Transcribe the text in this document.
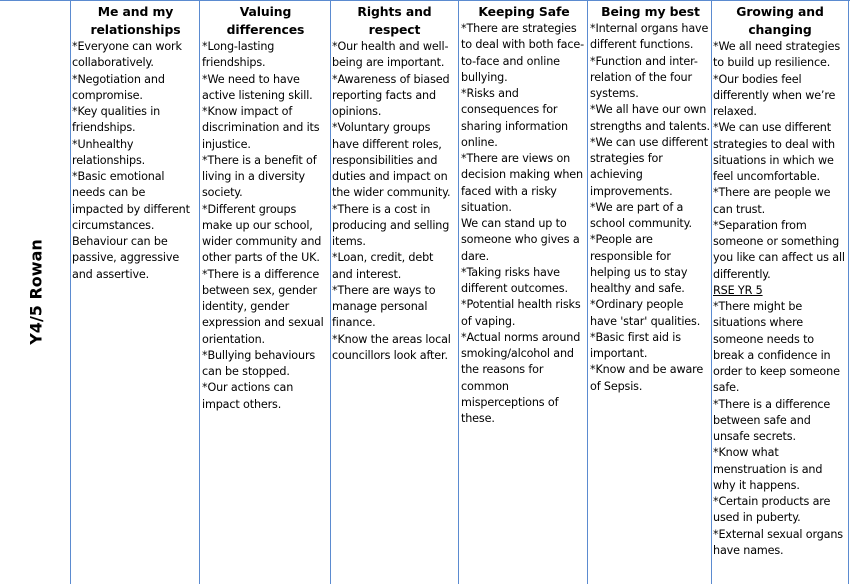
Y4/5 Rowan
Me and my relationships
*Everyone can work collaboratively.
*Negotiation and compromise.
*Key qualities in friendships.
*Unhealthy relationships.
*Basic emotional needs can be impacted by different circumstances.
Behaviour can be passive, aggressive and assertive.
Valuing differences
*Long-lasting friendships.
*We need to have active listening skill.
*Know impact of discrimination and its injustice.
*There is a benefit of living in a diversity society.
*Different groups make up our school, wider community and other parts of the UK.
*There is a difference between sex, gender identity, gender expression and sexual orientation.
*Bullying behaviours can be stopped.
*Our actions can impact others.
Rights and respect
*Our health and well-being are important.
*Awareness of biased reporting facts and opinions.
*Voluntary groups have different roles, responsibilities and duties and impact on the wider community.
*There is a cost in producing and selling items.
*Loan, credit, debt and interest.
*There are ways to manage personal finance.
*Know the areas local councillors look after.
Keeping Safe
*There are strategies to deal with both face-to-face and online bullying.
*Risks and consequences for sharing information online.
*There are views on decision making when faced with a risky situation.
We can stand up to someone who gives a dare.
*Taking risks have different outcomes.
*Potential health risks of vaping.
*Actual norms around smoking/alcohol and the reasons for common misperceptions of these.
Being my best
*Internal organs have different functions.
*Function and inter-relation of the four systems.
*We all have our own strengths and talents.
*We can use different strategies for achieving improvements.
*We are part of a school community.
*People are responsible for helping us to stay healthy and safe.
*Ordinary people have 'star' qualities.
*Basic first aid is important.
*Know and be aware of Sepsis.
Growing and changing
*We all need strategies to build up resilience.
*Our bodies feel differently when we’re relaxed.
*We can use different strategies to deal with situations in which we feel uncomfortable.
*There are people we can trust.
*Separation from someone or something you like can affect us all differently.
RSE YR 5
*There might be situations where someone needs to break a confidence in order to keep someone safe.
*There is a difference between safe and unsafe secrets.
*Know what menstruation is and why it happens.
*Certain products are used in puberty.
*External sexual organs have names.
